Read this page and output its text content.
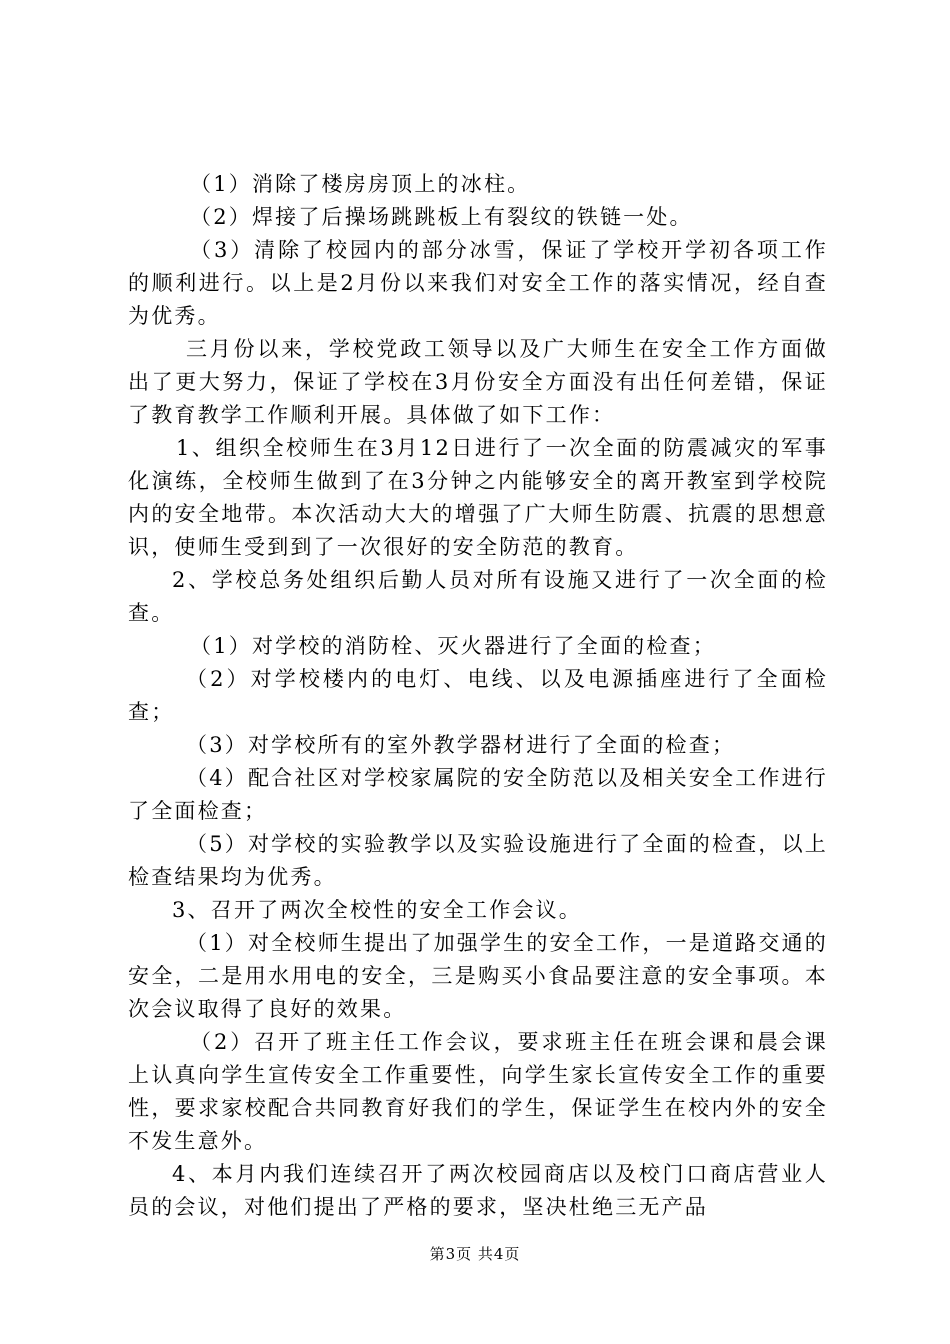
（1）消除了楼房房顶上的冰柱。

（2）焊接了后操场跳跳板上有裂纹的铁链一处。

（3）清除了校园内的部分冰雪，保证了学校开学初各项工作的顺利进行。以上是2月份以来我们对安全工作的落实情况，经自查为优秀。

三月份以来，学校党政工领导以及广大师生在安全工作方面做出了更大努力，保证了学校在3月份安全方面没有出任何差错，保证了教育教学工作顺利开展。具体做了如下工作：

1、组织全校师生在3月12日进行了一次全面的防震减灾的军事化演练，全校师生做到了在3分钟之内能够安全的离开教室到学校院内的安全地带。本次活动大大的增强了广大师生防震、抗震的思想意识，使师生受到到了一次很好的安全防范的教育。

2、学校总务处组织后勤人员对所有设施又进行了一次全面的检查。

（1）对学校的消防栓、灭火器进行了全面的检查；

（2）对学校楼内的电灯、电线、以及电源插座进行了全面检查；

（3）对学校所有的室外教学器材进行了全面的检查；

（4）配合社区对学校家属院的安全防范以及相关安全工作进行了全面检查；

（5）对学校的实验教学以及实验设施进行了全面的检查，以上检查结果均为优秀。

3、召开了两次全校性的安全工作会议。

（1）对全校师生提出了加强学生的安全工作，一是道路交通的安全，二是用水用电的安全，三是购买小食品要注意的安全事项。本次会议取得了良好的效果。

（2）召开了班主任工作会议，要求班主任在班会课和晨会课上认真向学生宣传安全工作重要性，向学生家长宣传安全工作的重要性，要求家校配合共同教育好我们的学生，保证学生在校内外的安全不发生意外。

4、本月内我们连续召开了两次校园商店以及校门口商店营业人员的会议，对他们提出了严格的要求，坚决杜绝三无产品

第3页 共4页
